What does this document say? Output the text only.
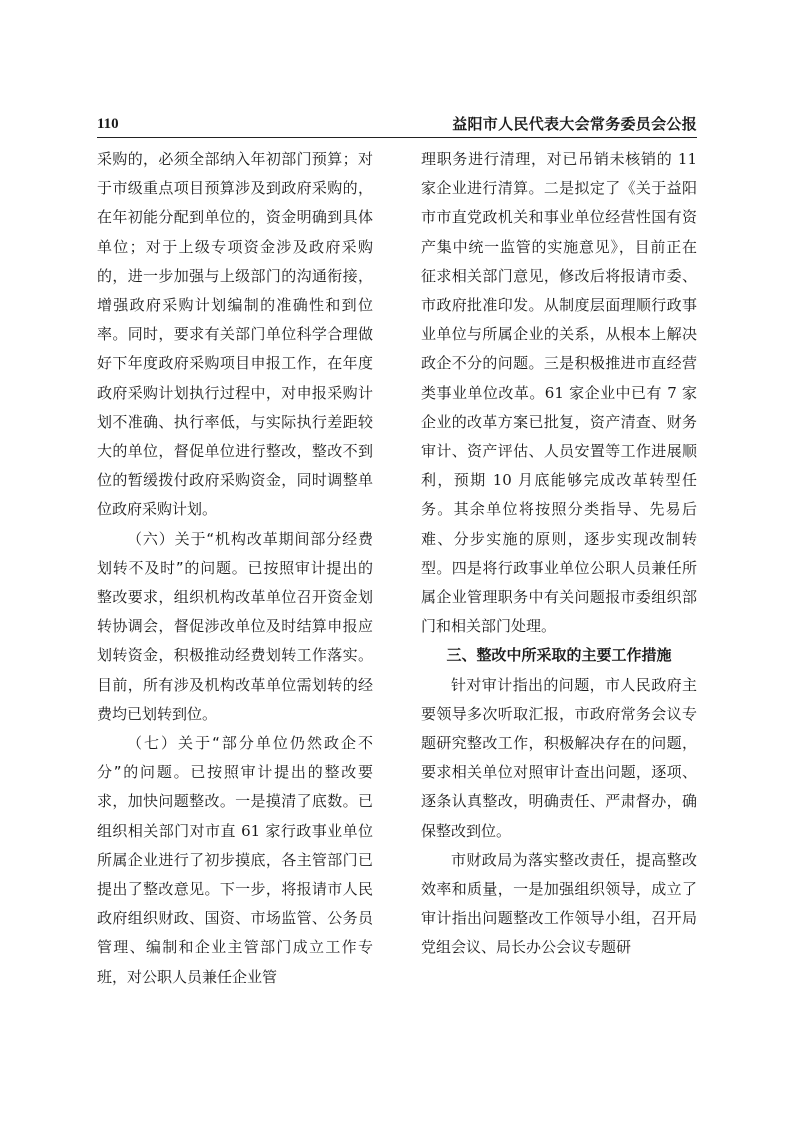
110	益阳市人民代表大会常务委员会公报

采购的，必须全部纳入年初部门预算；对于市级重点项目预算涉及到政府采购的，在年初能分配到单位的，资金明确到具体单位；对于上级专项资金涉及政府采购的，进一步加强与上级部门的沟通衔接，增强政府采购计划编制的准确性和到位率。同时，要求有关部门单位科学合理做好下年度政府采购项目申报工作，在年度政府采购计划执行过程中，对申报采购计划不准确、执行率低，与实际执行差距较大的单位，督促单位进行整改，整改不到位的暂缓拨付政府采购资金，同时调整单位政府采购计划。

（六）关于“机构改革期间部分经费划转不及时”的问题。已按照审计提出的整改要求，组织机构改革单位召开资金划转协调会，督促涉改单位及时结算申报应划转资金，积极推动经费划转工作落实。目前，所有涉及机构改革单位需划转的经费均已划转到位。

（七）关于“部分单位仍然政企不分”的问题。已按照审计提出的整改要求，加快问题整改。一是摸清了底数。已组织相关部门对市直 61 家行政事业单位所属企业进行了初步摸底，各主管部门已提出了整改意见。下一步，将报请市人民政府组织财政、国资、市场监管、公务员管理、编制和企业主管部门成立工作专班，对公职人员兼任企业管

理职务进行清理，对已吊销未核销的 11 家企业进行清算。二是拟定了《关于益阳市市直党政机关和事业单位经营性国有资产集中统一监管的实施意见》，目前正在征求相关部门意见，修改后将报请市委、市政府批准印发。从制度层面理顺行政事业单位与所属企业的关系，从根本上解决政企不分的问题。三是积极推进市直经营类事业单位改革。61 家企业中已有 7 家企业的改革方案已批复，资产清查、财务审计、资产评估、人员安置等工作进展顺利，预期 10 月底能够完成改革转型任务。其余单位将按照分类指导、先易后难、分步实施的原则，逐步实现改制转型。四是将行政事业单位公职人员兼任所属企业管理职务中有关问题报市委组织部门和相关部门处理。

三、整改中所采取的主要工作措施

针对审计指出的问题，市人民政府主要领导多次听取汇报，市政府常务会议专题研究整改工作，积极解决存在的问题，要求相关单位对照审计查出问题，逐项、逐条认真整改，明确责任、严肃督办，确保整改到位。

市财政局为落实整改责任，提高整改效率和质量，一是加强组织领导，成立了审计指出问题整改工作领导小组，召开局党组会议、局长办公会议专题研
